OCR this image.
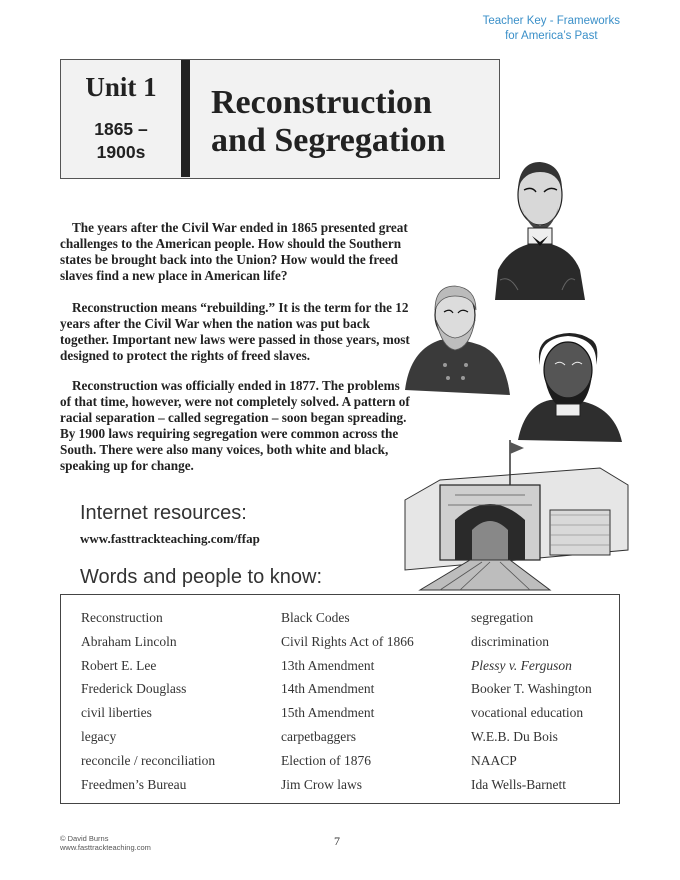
Teacher Key - Frameworks
for America’s Past
Unit 1
1865 –
1900s
Reconstruction
and Segregation

The years after the Civil War ended in 1865 presented great challenges to the American people. How should the Southern states be brought back into the Union? How would the freed slaves find a new place in American life?

Reconstruction means “rebuilding.” It is the term for the 12 years after the Civil War when the nation was put back together. Important new laws were passed in those years, most designed to protect the rights of freed slaves.

Reconstruction was officially ended in 1877. The problems of that time, however, were not completely solved. A pattern of racial separation – called segregation – soon began spreading. By 1900 laws requiring segregation were common across the South. There were also many voices, both white and black, speaking up for change.

Internet resources:
www.fasttrackteaching.com/ffap
Words and people to know:
Reconstruction
Abraham Lincoln
Robert E. Lee
Frederick Douglass
civil liberties
legacy
reconcile / reconciliation
Freedmen’s Bureau
Black Codes
Civil Rights Act of 1866
13th Amendment
14th Amendment
15th Amendment
carpetbaggers
Election of 1876
Jim Crow laws
segregation
discrimination
Plessy v. Ferguson
Booker T. Washington
vocational education
W.E.B. Du Bois
NAACP
Ida Wells-Barnett
© David Burns
www.fasttrackteaching.com	7
